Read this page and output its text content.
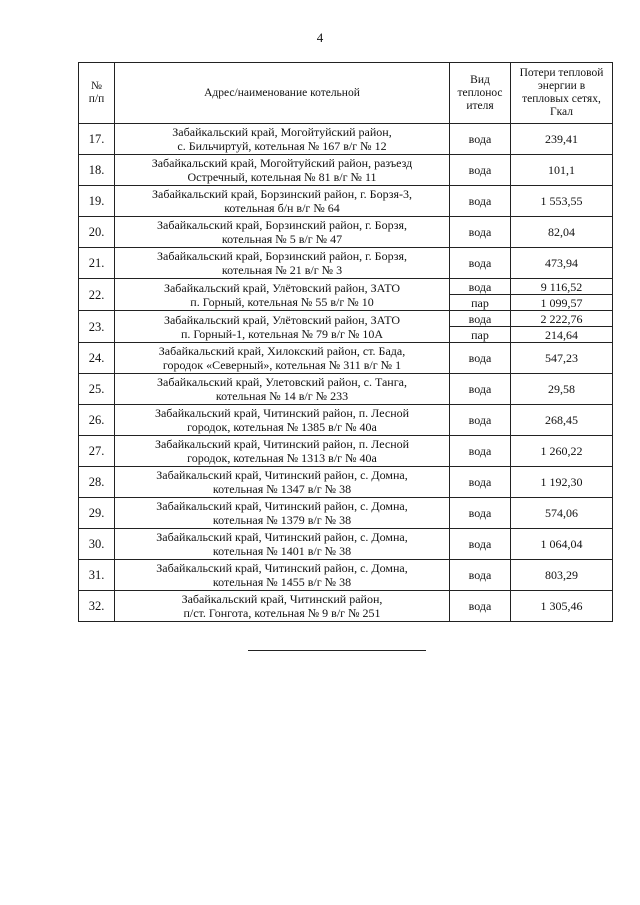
4
№
п/п	Адрес/наименование котельной	Вид
теплонос
ителя	Потери тепловой
энергии в
тепловых сетях,
Гкал
17.	Забайкальский край, Могойтуйский район,
с. Бильчиртуй, котельная № 167 в/г № 12	вода	239,41
18.	Забайкальский край, Могойтуйский район, разъезд
Остречный, котельная № 81 в/г № 11	вода	101,1
19.	Забайкальский край, Борзинский район, г. Борзя-3,
котельная б/н в/г № 64	вода	1 553,55
20.	Забайкальский край, Борзинский район, г. Борзя,
котельная № 5 в/г № 47	вода	82,04
21.	Забайкальский край, Борзинский район, г. Борзя,
котельная № 21 в/г № 3	вода	473,94
22.	Забайкальский край, Улётовский район, ЗАТО
п. Горный, котельная № 55 в/г № 10	вода	9 116,52
		пар	1 099,57
23.	Забайкальский край, Улётовский район, ЗАТО
п. Горный-1, котельная № 79 в/г № 10А	вода	2 222,76
		пар	214,64
24.	Забайкальский край, Хилокский район, ст. Бада,
городок «Северный», котельная № 311 в/г № 1	вода	547,23
25.	Забайкальский край, Улетовский район, с. Танга,
котельная № 14 в/г № 233	вода	29,58
26.	Забайкальский край, Читинский район, п. Лесной
городок, котельная № 1385 в/г № 40а	вода	268,45
27.	Забайкальский край, Читинский район, п. Лесной
городок, котельная № 1313 в/г № 40а	вода	1 260,22
28.	Забайкальский край, Читинский район, с. Домна,
котельная № 1347 в/г № 38	вода	1 192,30
29.	Забайкальский край, Читинский район, с. Домна,
котельная № 1379 в/г № 38	вода	574,06
30.	Забайкальский край, Читинский район, с. Домна,
котельная № 1401 в/г № 38	вода	1 064,04
31.	Забайкальский край, Читинский район, с. Домна,
котельная № 1455 в/г № 38	вода	803,29
32.	Забайкальский край, Читинский район,
п/ст. Гонгота, котельная № 9 в/г № 251	вода	1 305,46
